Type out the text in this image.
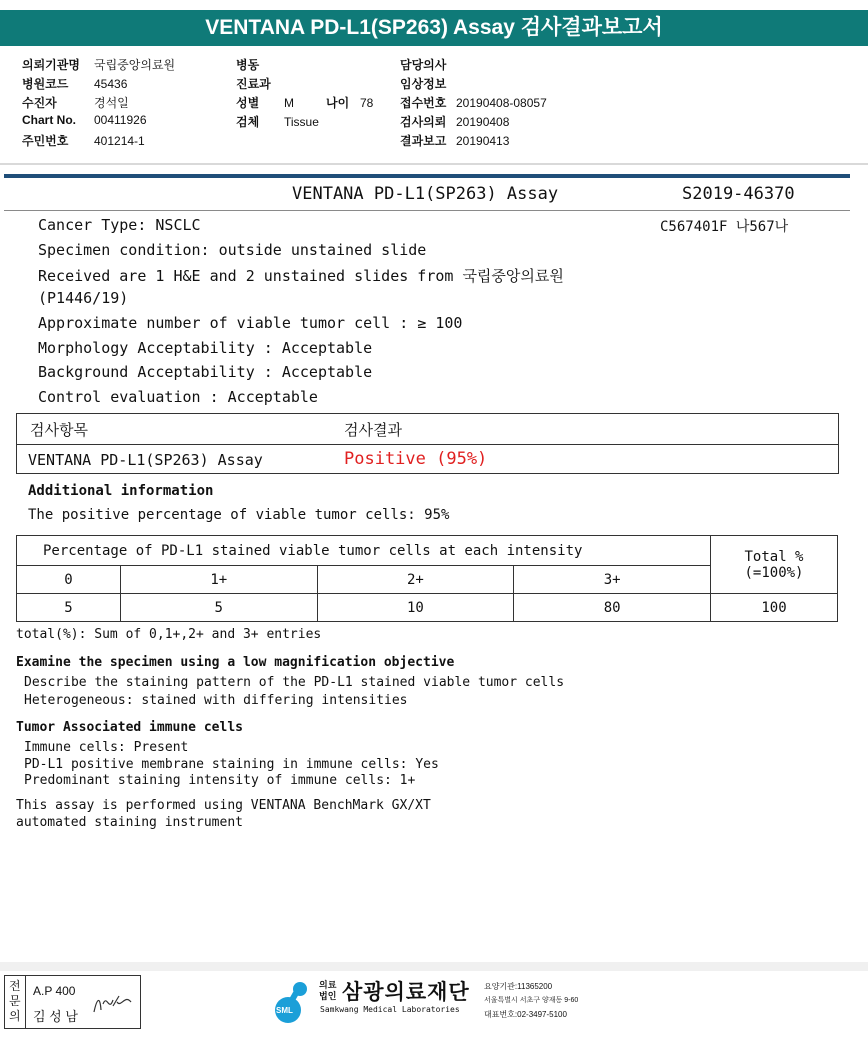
VENTANA PD-L1(SP263) Assay 검사결과보고서
의뢰기관명 국립중앙의료원
병원코드 45436
수진자	경석일
Chart No. 00411926
주민번호 401214-1
병동
진료과
성별 M	나이 78
검체 Tissue
담당의사
임상정보
접수번호 20190408-08057
검사의뢰 20190408
결과보고 20190413
VENTANA PD-L1(SP263) Assay	S2019-46370
C567401F 나567나
Cancer Type: NSCLC
Specimen condition: outside unstained slide
Received are 1 H&E and 2 unstained slides from 국립중앙의료원
(P1446/19)
Approximate number of viable tumor cell : ≥ 100
Morphology Acceptability : Acceptable
Background Acceptability : Acceptable
Control evaluation : Acceptable
검사항목	검사결과
VENTANA PD-L1(SP263) Assay	Positive (95%)
Additional information
The positive percentage of viable tumor cells: 95%
Percentage of PD-L1 stained viable tumor cells at each intensity				Total %
(=100%)

0	1+	2+	3+	
5	5	10	80	100
total(%): Sum of 0,1+,2+ and 3+ entries
Examine the specimen using a low magnification objective
Describe the staining pattern of the PD-L1 stained viable tumor cells
Heterogeneous: stained with differing intensities
Tumor Associated immune cells
Immune cells: Present
PD-L1 positive membrane staining in immune cells: Yes
Predominant staining intensity of immune cells: 1+
This assay is performed using VENTANA BenchMark GX/XT
automated staining instrument
전문의
A.P 400
김 성 남	SML
의료법인 삼광의료재단
Samkwang Medical Laboratories
요양기관:11365200
서울특별시 서초구 양재동 9-60
대표번호:02-3497-5100
